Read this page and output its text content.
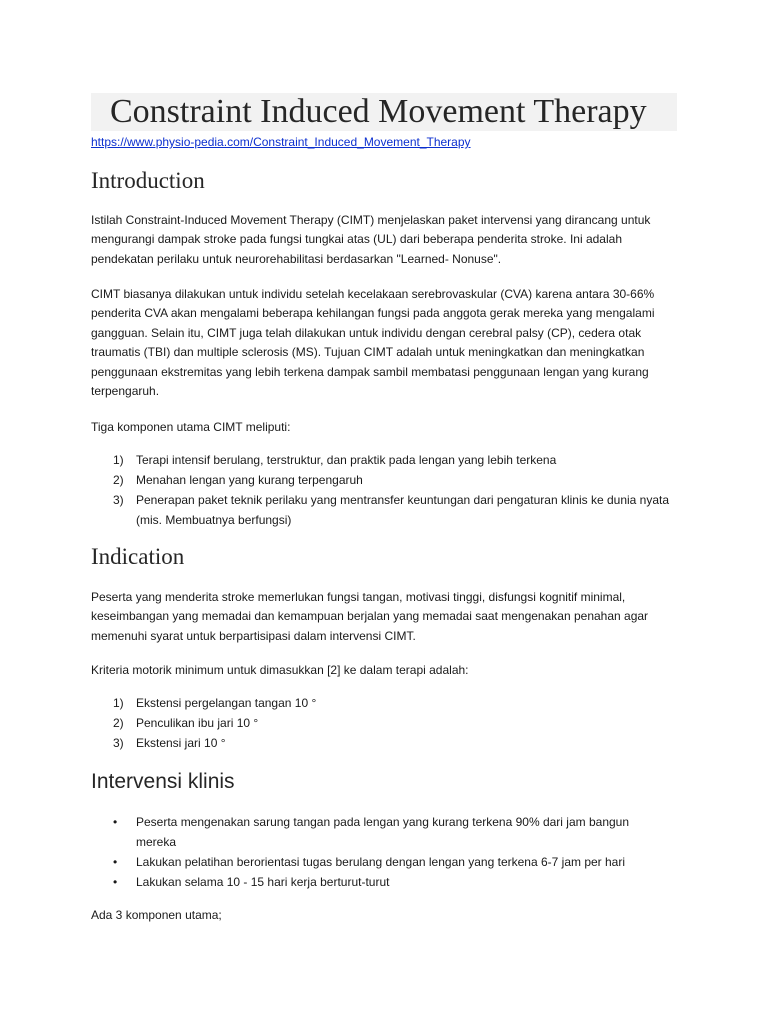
Constraint Induced Movement Therapy
https://www.physio-pedia.com/Constraint_Induced_Movement_Therapy
Introduction

Istilah Constraint-Induced Movement Therapy (CIMT) menjelaskan paket intervensi yang dirancang untuk mengurangi dampak stroke pada fungsi tungkai atas (UL) dari beberapa penderita stroke. Ini adalah pendekatan perilaku untuk neurorehabilitasi berdasarkan "Learned- Nonuse".

CIMT biasanya dilakukan untuk individu setelah kecelakaan serebrovaskular (CVA) karena antara 30-66% penderita CVA akan mengalami beberapa kehilangan fungsi pada anggota gerak mereka yang mengalami gangguan. Selain itu, CIMT juga telah dilakukan untuk individu dengan cerebral palsy (CP), cedera otak traumatis (TBI) dan multiple sclerosis (MS). Tujuan CIMT adalah untuk meningkatkan dan meningkatkan penggunaan ekstremitas yang lebih terkena dampak sambil membatasi penggunaan lengan yang kurang terpengaruh.

Tiga komponen utama CIMT meliputi:

1) Terapi intensif berulang, terstruktur, dan praktik pada lengan yang lebih terkena
2) Menahan lengan yang kurang terpengaruh
3) Penerapan paket teknik perilaku yang mentransfer keuntungan dari pengaturan klinis ke dunia nyata (mis. Membuatnya berfungsi)
Indication

Peserta yang menderita stroke memerlukan fungsi tangan, motivasi tinggi, disfungsi kognitif minimal, keseimbangan yang memadai dan kemampuan berjalan yang memadai saat mengenakan penahan agar memenuhi syarat untuk berpartisipasi dalam intervensi CIMT.

Kriteria motorik minimum untuk dimasukkan [2] ke dalam terapi adalah:

1) Ekstensi pergelangan tangan 10 °
2) Penculikan ibu jari 10 °
3) Ekstensi jari 10 °
Intervensi klinis
• Peserta mengenakan sarung tangan pada lengan yang kurang terkena 90% dari jam bangun mereka
• Lakukan pelatihan berorientasi tugas berulang dengan lengan yang terkena 6-7 jam per hari
• Lakukan selama 10 - 15 hari kerja berturut-turut

Ada 3 komponen utama;
